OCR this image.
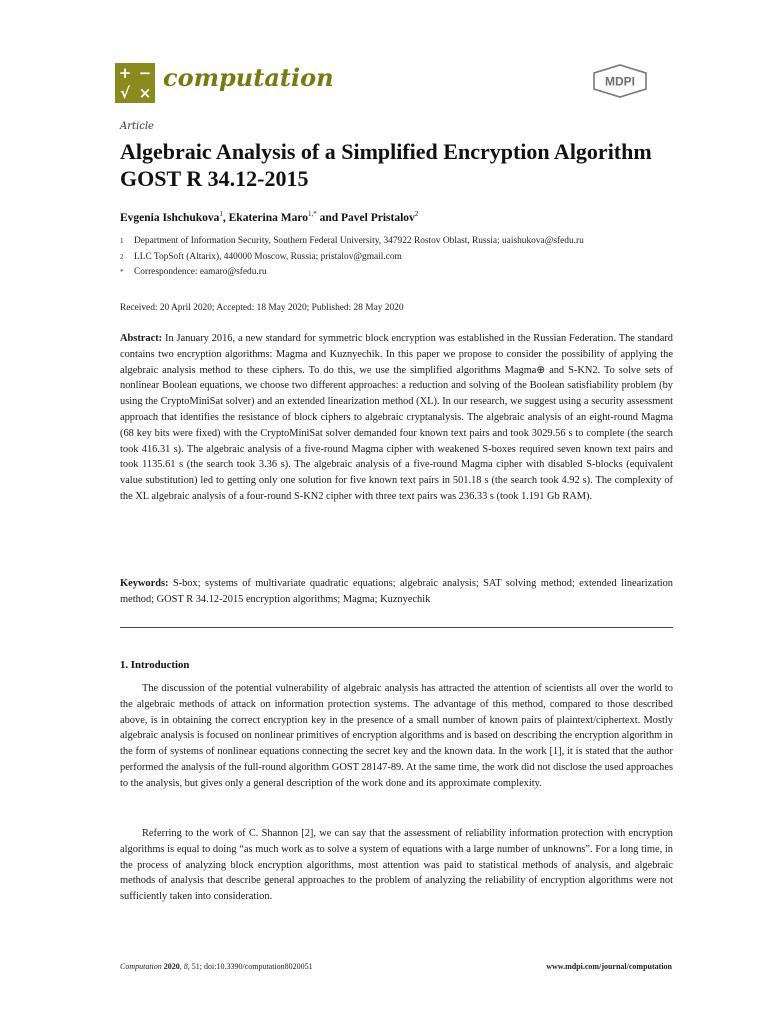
+ −
√ ×
computation	MDPI
Article
Algebraic Analysis of a Simplified Encryption Algorithm GOST R 34.12-2015
Evgenia Ishchukova$^1$, Ekaterina Maro$^{1,*}$ and Pavel Pristalov$^2$
1 Department of Information Security, Southern Federal University, 347922 Rostov Oblast, Russia; uaishukova@sfedu.ru
2 LLC TopSoft (Altarix), 440000 Moscow, Russia; pristalov@gmail.com
* Correspondence: eamaro@sfedu.ru
Received: 20 April 2020; Accepted: 18 May 2020; Published: 28 May 2020

Abstract: In January 2016, a new standard for symmetric block encryption was established in the Russian Federation. The standard contains two encryption algorithms: Magma and Kuznyechik. In this paper we propose to consider the possibility of applying the algebraic analysis method to these ciphers. To do this, we use the simplified algorithms Magma⊕ and S-KN2. To solve sets of nonlinear Boolean equations, we choose two different approaches: a reduction and solving of the Boolean satisfiability problem (by using the CryptoMiniSat solver) and an extended linearization method (XL). In our research, we suggest using a security assessment approach that identifies the resistance of block ciphers to algebraic cryptanalysis. The algebraic analysis of an eight-round Magma (68 key bits were fixed) with the CryptoMiniSat solver demanded four known text pairs and took 3029.56 s to complete (the search took 416.31 s). The algebraic analysis of a five-round Magma cipher with weakened S-boxes required seven known text pairs and took 1135.61 s (the search took 3.36 s). The algebraic analysis of a five-round Magma cipher with disabled S-blocks (equivalent value substitution) led to getting only one solution for five known text pairs in 501.18 s (the search took 4.92 s). The complexity of the XL algebraic analysis of a four-round S-KN2 cipher with three text pairs was 236.33 s (took 1.191 Gb RAM).

Keywords: S-box; systems of multivariate quadratic equations; algebraic analysis; SAT solving method; extended linearization method; GOST R 34.12-2015 encryption algorithms; Magma; Kuznyechik

1. Introduction

The discussion of the potential vulnerability of algebraic analysis has attracted the attention of scientists all over the world to the algebraic methods of attack on information protection systems. The advantage of this method, compared to those described above, is in obtaining the correct encryption key in the presence of a small number of known pairs of plaintext/ciphertext. Mostly algebraic analysis is focused on nonlinear primitives of encryption algorithms and is based on describing the encryption algorithm in the form of systems of nonlinear equations connecting the secret key and the known data. In the work [1], it is stated that the author performed the analysis of the full-round algorithm GOST 28147-89. At the same time, the work did not disclose the used approaches to the analysis, but gives only a general description of the work done and its approximate complexity.

Referring to the work of C. Shannon [2], we can say that the assessment of reliability information protection with encryption algorithms is equal to doing “as much work as to solve a system of equations with a large number of unknowns”. For a long time, in the process of analyzing block encryption algorithms, most attention was paid to statistical methods of analysis, and algebraic methods of analysis that describe general approaches to the problem of analyzing the reliability of encryption algorithms were not sufficiently taken into consideration.

Computation 2020, 8, 51; doi:10.3390/computation8020051	www.mdpi.com/journal/computation
